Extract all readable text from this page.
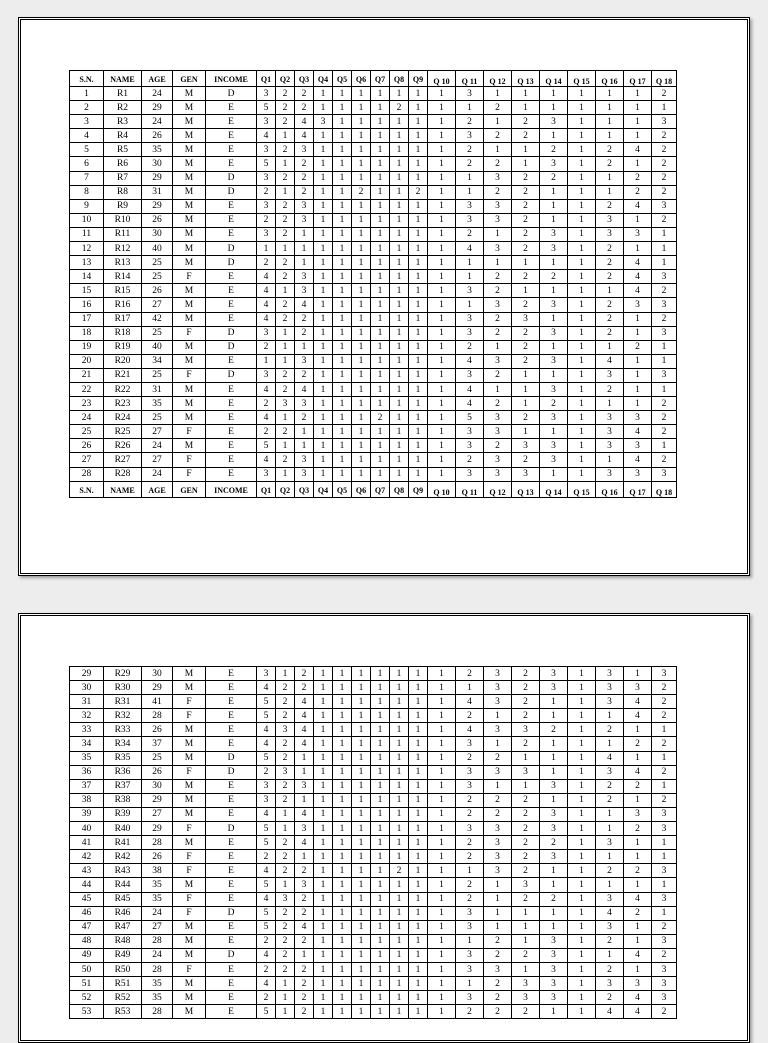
S.N.	NAME	AGE	GEN	INCOME	Q1	Q2	Q3	Q4	Q5	Q6	Q7	Q8	Q9	Q 10	Q 11	Q 12	Q 13	Q 14	Q 15	Q 16	Q 17	Q 18
1	R1	24	M	D	3	2	2	1	1	1	1	1	1	1	3	1	1	1	1	1	1	2
2	R2	29	M	E	5	2	2	1	1	1	1	2	1	1	1	2	1	1	1	1	1	1
3	R3	24	M	E	3	2	4	3	1	1	1	1	1	1	2	1	2	3	1	1	1	3
4	R4	26	M	E	4	1	4	1	1	1	1	1	1	1	3	2	2	1	1	1	1	2
5	R5	35	M	E	3	2	3	1	1	1	1	1	1	1	2	1	1	2	1	2	4	2
6	R6	30	M	E	5	1	2	1	1	1	1	1	1	1	2	2	1	3	1	2	1	2
7	R7	29	M	D	3	2	2	1	1	1	1	1	1	1	1	3	2	2	1	1	2	2
8	R8	31	M	D	2	1	2	1	1	2	1	1	2	1	1	2	2	1	1	1	2	2
9	R9	29	M	E	3	2	3	1	1	1	1	1	1	1	3	3	2	1	1	2	4	3
10	R10	26	M	E	2	2	3	1	1	1	1	1	1	1	3	3	2	1	1	3	1	2
11	R11	30	M	E	3	2	1	1	1	1	1	1	1	1	2	1	2	3	1	3	3	1
12	R12	40	M	D	1	1	1	1	1	1	1	1	1	1	4	3	2	3	1	2	1	1
13	R13	25	M	D	2	2	1	1	1	1	1	1	1	1	1	1	1	1	1	2	4	1
14	R14	25	F	E	4	2	3	1	1	1	1	1	1	1	1	2	2	2	1	2	4	3
15	R15	26	M	E	4	1	3	1	1	1	1	1	1	1	3	2	1	1	1	1	4	2
16	R16	27	M	E	4	2	4	1	1	1	1	1	1	1	1	3	2	3	1	2	3	3
17	R17	42	M	E	4	2	2	1	1	1	1	1	1	1	3	2	3	1	1	2	1	2
18	R18	25	F	D	3	1	2	1	1	1	1	1	1	1	3	2	2	3	1	2	1	3
19	R19	40	M	D	2	1	1	1	1	1	1	1	1	1	2	1	2	1	1	1	2	1
20	R20	34	M	E	1	1	3	1	1	1	1	1	1	1	4	3	2	3	1	4	1	1
21	R21	25	F	D	3	2	2	1	1	1	1	1	1	1	3	2	1	1	1	3	1	3
22	R22	31	M	E	4	2	4	1	1	1	1	1	1	1	4	1	1	3	1	2	1	1
23	R23	35	M	E	2	3	3	1	1	1	1	1	1	1	4	2	1	2	1	1	1	2
24	R24	25	M	E	4	1	2	1	1	1	2	1	1	1	5	3	2	3	1	3	3	2
25	R25	27	F	E	2	2	1	1	1	1	1	1	1	1	3	3	1	1	1	3	4	2
26	R26	24	M	E	5	1	1	1	1	1	1	1	1	1	3	2	3	3	1	3	3	1
27	R27	27	F	E	4	2	3	1	1	1	1	1	1	1	2	3	2	3	1	1	4	2
28	R28	24	F	E	3	1	3	1	1	1	1	1	1	1	3	3	3	1	1	3	3	3
S.N.	NAME	AGE	GEN	INCOME	Q1	Q2	Q3	Q4	Q5	Q6	Q7	Q8	Q9	Q 10	Q 11	Q 12	Q 13	Q 14	Q 15	Q 16	Q 17	Q 18
29	R29	30	M	E	3	1	2	1	1	1	1	1	1	1	2	3	2	3	1	3	1	3
30	R30	29	M	E	4	2	2	1	1	1	1	1	1	1	1	3	2	3	1	3	3	2
31	R31	41	F	E	5	2	4	1	1	1	1	1	1	1	4	3	2	1	1	3	4	2
32	R32	28	F	E	5	2	4	1	1	1	1	1	1	1	2	1	2	1	1	1	4	2
33	R33	26	M	E	4	3	4	1	1	1	1	1	1	1	4	3	3	2	1	2	1	1
34	R34	37	M	E	4	2	4	1	1	1	1	1	1	1	3	1	2	1	1	1	2	2
35	R35	25	M	D	5	2	1	1	1	1	1	1	1	1	2	2	1	1	1	4	1	1
36	R36	26	F	D	2	3	1	1	1	1	1	1	1	1	3	3	3	1	1	3	4	2
37	R37	30	M	E	3	2	3	1	1	1	1	1	1	1	3	1	1	3	1	2	2	1
38	R38	29	M	E	3	2	1	1	1	1	1	1	1	1	2	2	2	1	1	2	1	2
39	R39	27	M	E	4	1	4	1	1	1	1	1	1	1	2	2	2	3	1	1	3	3
40	R40	29	F	D	5	1	3	1	1	1	1	1	1	1	3	3	2	3	1	1	2	3
41	R41	28	M	E	5	2	4	1	1	1	1	1	1	1	2	3	2	2	1	3	1	1
42	R42	26	F	E	2	2	1	1	1	1	1	1	1	1	2	3	2	3	1	1	1	1
43	R43	38	F	E	4	2	2	1	1	1	1	2	1	1	1	3	2	1	1	2	2	3
44	R44	35	M	E	5	1	3	1	1	1	1	1	1	1	2	1	3	1	1	1	1	1
45	R45	35	F	E	4	3	2	1	1	1	1	1	1	1	2	1	2	2	1	3	4	3
46	R46	24	F	D	5	2	2	1	1	1	1	1	1	1	3	1	1	1	1	4	2	1
47	R47	27	M	E	5	2	4	1	1	1	1	1	1	1	3	1	1	1	1	3	1	2
48	R48	28	M	E	2	2	2	1	1	1	1	1	1	1	1	2	1	3	1	2	1	3
49	R49	24	M	D	4	2	1	1	1	1	1	1	1	1	3	2	2	3	1	1	4	2
50	R50	28	F	E	2	2	2	1	1	1	1	1	1	1	3	3	1	3	1	2	1	3
51	R51	35	M	E	4	1	2	1	1	1	1	1	1	1	1	2	3	3	1	3	3	3
52	R52	35	M	E	2	1	2	1	1	1	1	1	1	1	3	2	3	3	1	2	4	3
53	R53	28	M	E	5	1	2	1	1	1	1	1	1	1	2	2	2	1	1	4	4	2
